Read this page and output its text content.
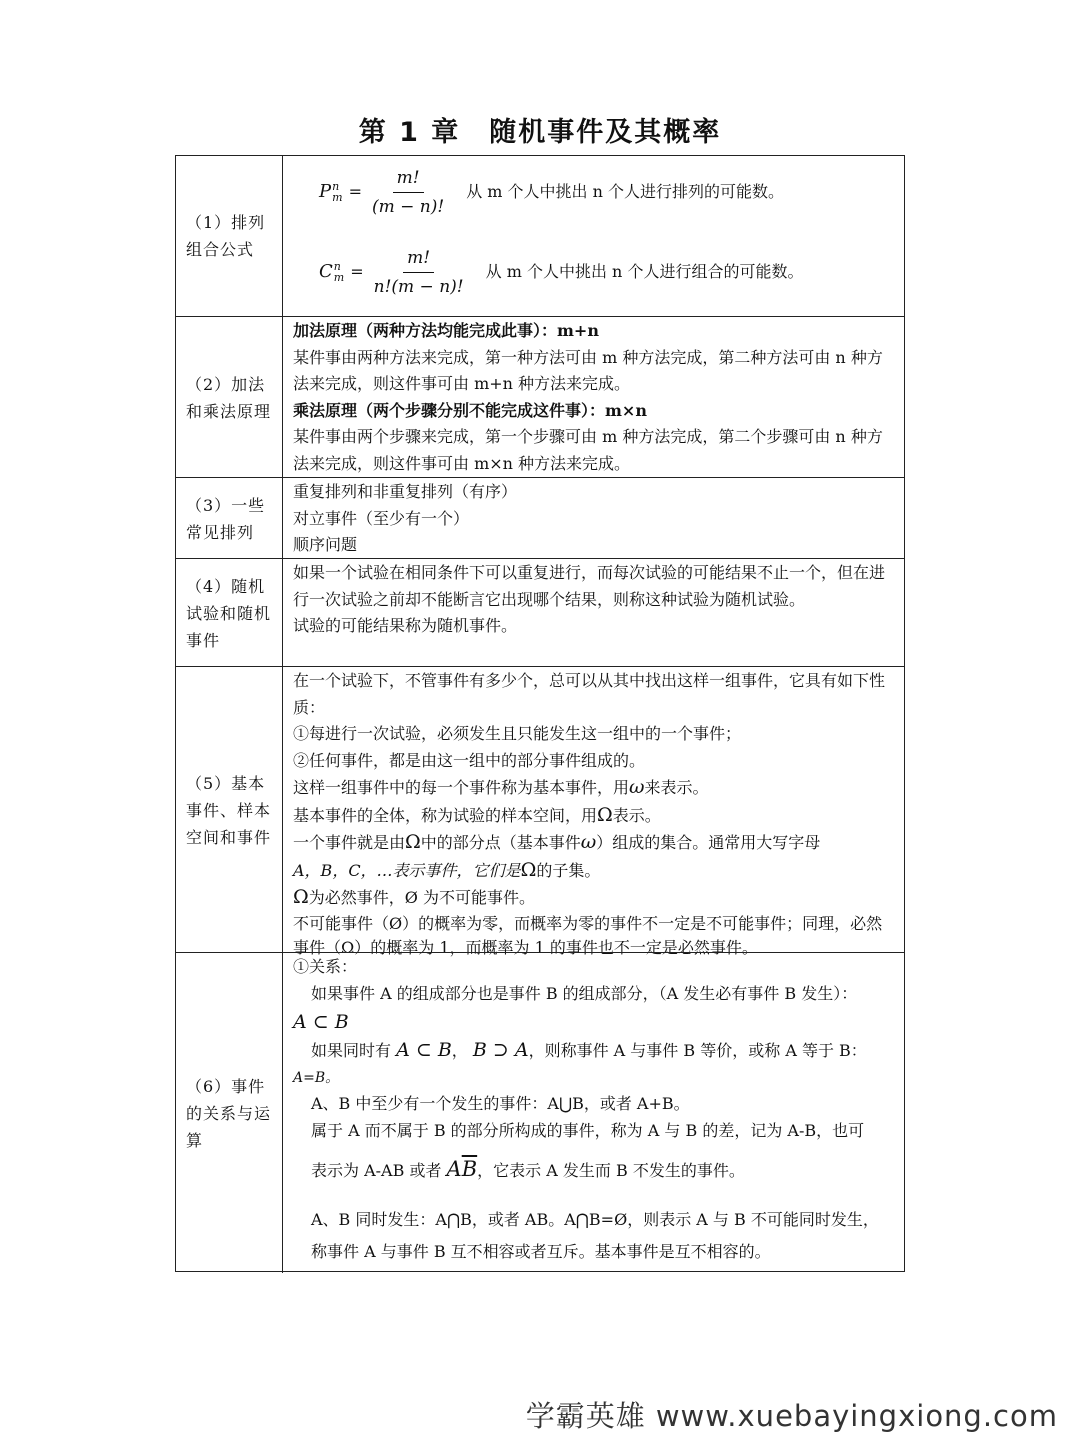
第 1 章　随机事件及其概率
（1）排列组合公式
P n
$m = \frac{m!}{(m - n)!}$ 从 m 个人中挑出 n 个人进行排列的可能数。
C n
$m = \frac{m!}{n!(m - n)!}$ 从 m 个人中挑出 n 个人进行组合的可能数。
（2）加法和乘法原理
加法原理（两种方法均能完成此事）：m+n
某件事由两种方法来完成，第一种方法可由 m 种方法完成，第二种方法可由 n 种方法来完成，则这件事可由 m+n 种方法来完成。
乘法原理（两个步骤分别不能完成这件事）：m×n
某件事由两个步骤来完成，第一个步骤可由 m 种方法完成，第二个步骤可由 n 种方法来完成，则这件事可由 m×n 种方法来完成。
（3）一些常见排列
重复排列和非重复排列（有序）
对立事件（至少有一个）
顺序问题
（4）随机试验和随机事件
如果一个试验在相同条件下可以重复进行，而每次试验的可能结果不止一个，但在进行一次试验之前却不能断言它出现哪个结果，则称这种试验为随机试验。
试验的可能结果称为随机事件。
（5）基本事件、样本空间和事件
在一个试验下，不管事件有多少个，总可以从其中找出这样一组事件，它具有如下性质：
①每进行一次试验，必须发生且只能发生这一组中的一个事件；
②任何事件，都是由这一组中的部分事件组成的。
这样一组事件中的每一个事件称为基本事件，用ω来表示。
基本事件的全体，称为试验的样本空间，用Ω表示。
一个事件就是由Ω中的部分点（基本事件ω）组成的集合。通常用大写字母
A，B，C，…表示事件，它们是Ω的子集。
Ω为必然事件，Ø 为不可能事件。
不可能事件（Ø）的概率为零，而概率为零的事件不一定是不可能事件；同理，必然事件（Ω）的概率为 1，而概率为 1 的事件也不一定是必然事件。
（6）事件的关系与运算
①关系：
如果事件 A 的组成部分也是事件 B 的组成部分，（A 发生必有事件 B 发生）：
A ⊂ B
如果同时有 A ⊂ B， B ⊃ A，则称事件 A 与事件 B 等价，或称 A 等于 B：
A=B。
A、B 中至少有一个发生的事件：A⋃B，或者 A+B。
属于 A 而不属于 B 的部分所构成的事件，称为 A 与 B 的差，记为 A-B，也可
表示为 A-AB 或者 $A\overline{B}$，它表示 A 发生而 B 不发生的事件。
A、B 同时发生：A⋂B，或者 AB。A⋂B=Ø，则表示 A 与 B 不可能同时发生，
称事件 A 与事件 B 互不相容或者互斥。基本事件是互不相容的。
学霸英雄 www.xuebayingxiong.com
